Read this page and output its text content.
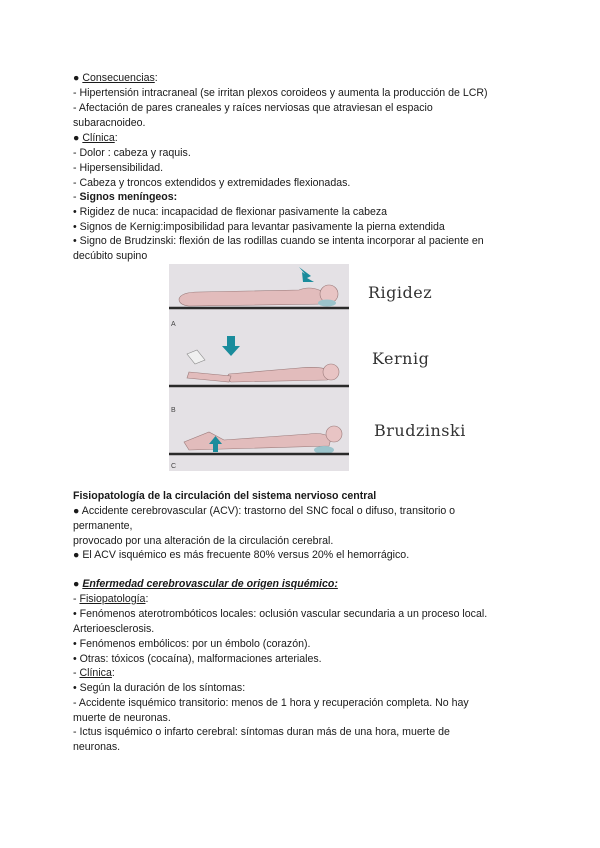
● Consecuencias:
- Hipertensión intracraneal (se irritan plexos coroideos y aumenta la producción de LCR)
- Afectación de pares craneales y raíces nerviosas que atraviesan el espacio
subaracnoideo.
● Clínica:
- Dolor : cabeza y raquis.
- Hipersensibilidad.
- Cabeza y troncos extendidos y extremidades flexionadas.
- Signos meníngeos:
• Rigidez de nuca: incapacidad de flexionar pasivamente la cabeza
• Signos de Kernig:imposibilidad para levantar pasivamente la pierna extendida
• Signo de Brudzinski: flexión de las rodillas cuando se intenta incorporar al paciente en
decúbito supino
A
B
C
Rigidez
Kernig
Brudzinski
Fisiopatología de la circulación del sistema nervioso central
● Accidente cerebrovascular (ACV): trastorno del SNC focal o difuso, transitorio o
permanente,
provocado por una alteración de la circulación cerebral.
● El ACV isquémico es más frecuente 80% versus 20% el hemorrágico.
● Enfermedad cerebrovascular de origen isquémico:
- Fisiopatología:
• Fenómenos aterotrombóticos locales: oclusión vascular secundaria a un proceso local.
Arterioesclerosis.
• Fenómenos embólicos: por un émbolo (corazón).
• Otras: tóxicos (cocaína), malformaciones arteriales.
- Clínica:
• Según la duración de los síntomas:
- Accidente isquémico transitorio: menos de 1 hora y recuperación completa. No hay
muerte de neuronas.
- Ictus isquémico o infarto cerebral: síntomas duran más de una hora, muerte de
neuronas.
